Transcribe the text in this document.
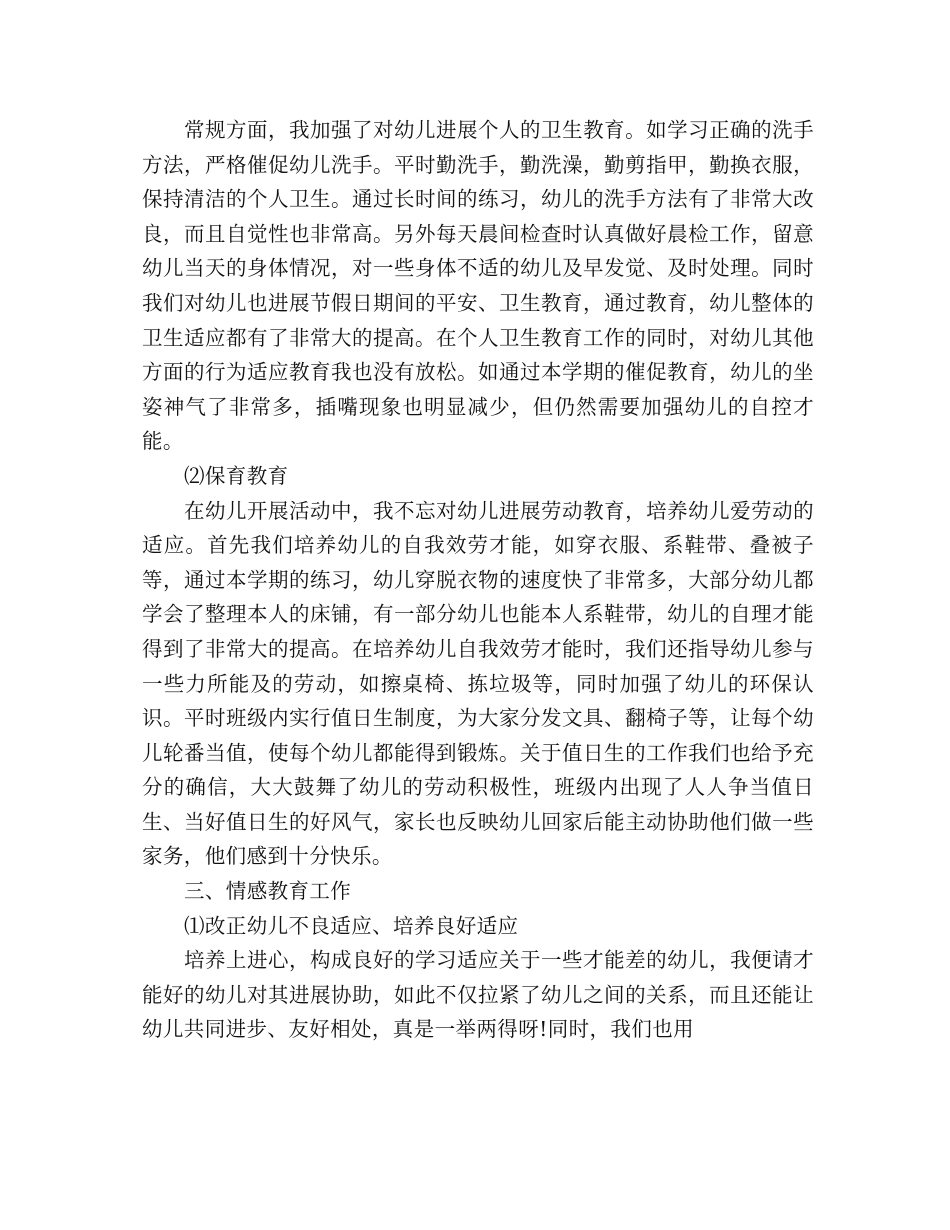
常规方面，我加强了对幼儿进展个人的卫生教育。如学习正确的洗手方法，严格催促幼儿洗手。平时勤洗手，勤洗澡，勤剪指甲，勤换衣服，保持清洁的个人卫生。通过长时间的练习，幼儿的洗手方法有了非常大改良，而且自觉性也非常高。另外每天晨间检查时认真做好晨检工作，留意幼儿当天的身体情况，对一些身体不适的幼儿及早发觉、及时处理。同时我们对幼儿也进展节假日期间的平安、卫生教育，通过教育，幼儿整体的卫生适应都有了非常大的提高。在个人卫生教育工作的同时，对幼儿其他方面的行为适应教育我也没有放松。如通过本学期的催促教育，幼儿的坐姿神气了非常多，插嘴现象也明显减少，但仍然需要加强幼儿的自控才能。

⑵保育教育

在幼儿开展活动中，我不忘对幼儿进展劳动教育，培养幼儿爱劳动的适应。首先我们培养幼儿的自我效劳才能，如穿衣服、系鞋带、叠被子等，通过本学期的练习，幼儿穿脱衣物的速度快了非常多，大部分幼儿都学会了整理本人的床铺，有一部分幼儿也能本人系鞋带，幼儿的自理才能得到了非常大的提高。在培养幼儿自我效劳才能时，我们还指导幼儿参与一些力所能及的劳动，如擦桌椅、拣垃圾等，同时加强了幼儿的环保认识。平时班级内实行值日生制度，为大家分发文具、翻椅子等，让每个幼儿轮番当值，使每个幼儿都能得到锻炼。关于值日生的工作我们也给予充分的确信，大大鼓舞了幼儿的劳动积极性，班级内出现了人人争当值日生、当好值日生的好风气，家长也反映幼儿回家后能主动协助他们做一些家务，他们感到十分快乐。

三、情感教育工作

⑴改正幼儿不良适应、培养良好适应

培养上进心，构成良好的学习适应关于一些才能差的幼儿，我便请才能好的幼儿对其进展协助，如此不仅拉紧了幼儿之间的关系，而且还能让幼儿共同进步、友好相处，真是一举两得呀!同时，我们也用
